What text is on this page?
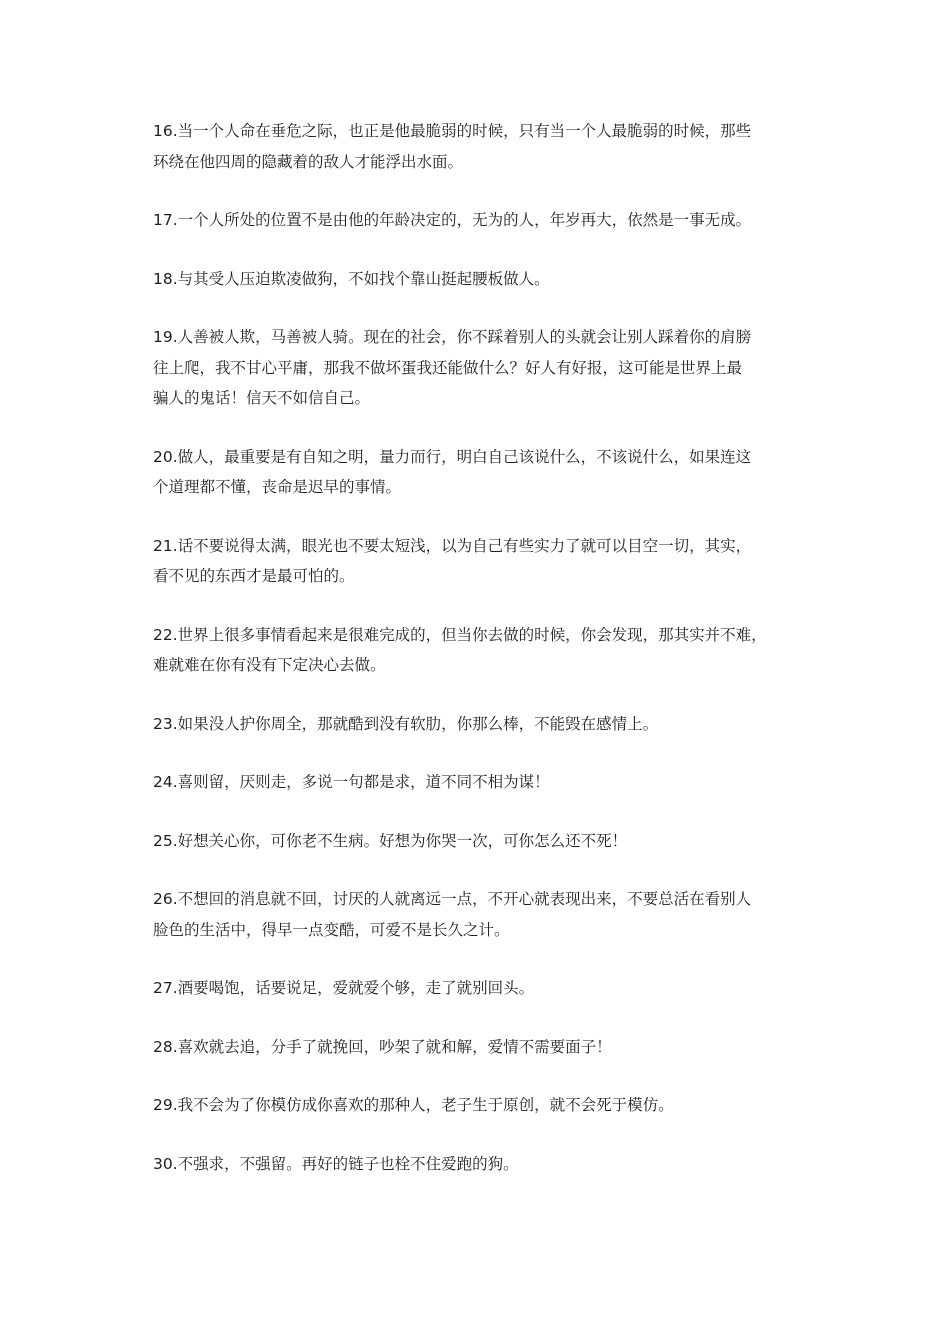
16.当一个人命在垂危之际，也正是他最脆弱的时候，只有当一个人最脆弱的时候，那些
环绕在他四周的隐藏着的敌人才能浮出水面。

17.一个人所处的位置不是由他的年龄决定的，无为的人，年岁再大，依然是一事无成。

18.与其受人压迫欺凌做狗，不如找个靠山挺起腰板做人。

19.人善被人欺，马善被人骑。现在的社会，你不踩着别人的头就会让别人踩着你的肩膀
往上爬，我不甘心平庸，那我不做坏蛋我还能做什么？好人有好报，这可能是世界上最
骗人的鬼话！信天不如信自己。

20.做人，最重要是有自知之明，量力而行，明白自己该说什么，不该说什么，如果连这
个道理都不懂，丧命是迟早的事情。

21.话不要说得太满，眼光也不要太短浅，以为自己有些实力了就可以目空一切，其实，
看不见的东西才是最可怕的。

22.世界上很多事情看起来是很难完成的，但当你去做的时候，你会发现，那其实并不难，
难就难在你有没有下定决心去做。

23.如果没人护你周全，那就酷到没有软肋，你那么棒，不能毁在感情上。

24.喜则留，厌则走，多说一句都是求，道不同不相为谋！

25.好想关心你，可你老不生病。好想为你哭一次，可你怎么还不死！

26.不想回的消息就不回，讨厌的人就离远一点，不开心就表现出来，不要总活在看别人
脸色的生活中，得早一点变酷，可爱不是长久之计。

27.酒要喝饱，话要说足，爱就爱个够，走了就别回头。

28.喜欢就去追，分手了就挽回，吵架了就和解，爱情不需要面子！

29.我不会为了你模仿成你喜欢的那种人，老子生于原创，就不会死于模仿。

30.不强求，不强留。再好的链子也栓不住爱跑的狗。
